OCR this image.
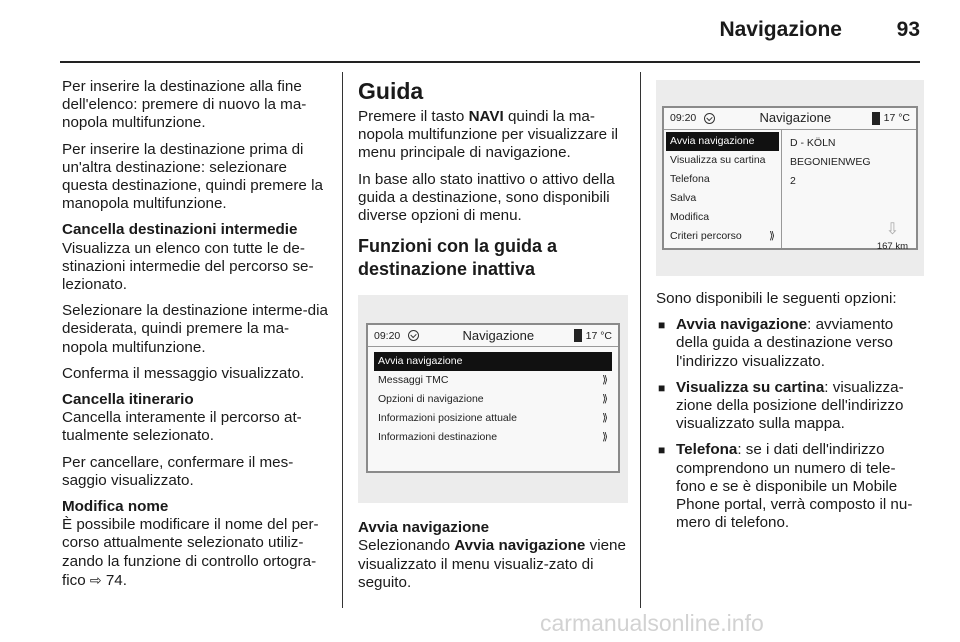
Navigazione	93

Per inserire la destinazione alla fine dell'elenco: premere di nuovo la ma-nopola multifunzione.

Per inserire la destinazione prima di un'altra destinazione: selezionare questa destinazione, quindi premere la manopola multifunzione.

Cancella destinazioni intermedie

Visualizza un elenco con tutte le de-stinazioni intermedie del percorso se-lezionato.

Selezionare la destinazione interme-dia desiderata, quindi premere la ma-nopola multifunzione.

Conferma il messaggio visualizzato.

Cancella itinerario

Cancella interamente il percorso at-tualmente selezionato.

Per cancellare, confermare il mes-saggio visualizzato.

Modifica nome

È possibile modificare il nome del per-corso attualmente selezionato utiliz-zando la funzione di controllo ortogra-fico ⇨ 74.

Guida

Premere il tasto NAVI quindi la ma-nopola multifunzione per visualizzare il menu principale di navigazione.

In base allo stato inattivo o attivo della guida a destinazione, sono disponibili diverse opzioni di menu.

Funzioni con la guida a destinazione inattiva
09:20	Navigazione	17 °C
Avvia navigazione
Messaggi TMC	⟫
Opzioni di navigazione	⟫
Informazioni posizione attuale	⟫
Informazioni destinazione	⟫
Avvia navigazione

Selezionando Avvia navigazione viene visualizzato il menu visualiz-zato di seguito.

09:20	Navigazione	17 °C
Avvia navigazione
Visualizza su cartina
Telefona
Salva
Modifica
Criteri percorso	⟫
D - KÖLN
BEGONIENWEG
2
⇩
167 km

Sono disponibili le seguenti opzioni:

■ Avvia navigazione: avviamento della guida a destinazione verso l'indirizzo visualizzato.
■ Visualizza su cartina: visualizza-zione della posizione dell'indirizzo visualizzato sulla mappa.
■ Telefona: se i dati dell'indirizzo comprendono un numero di tele-fono e se è disponibile un Mobile Phone portal, verrà composto il nu-mero di telefono.
carmanualsonline.info
